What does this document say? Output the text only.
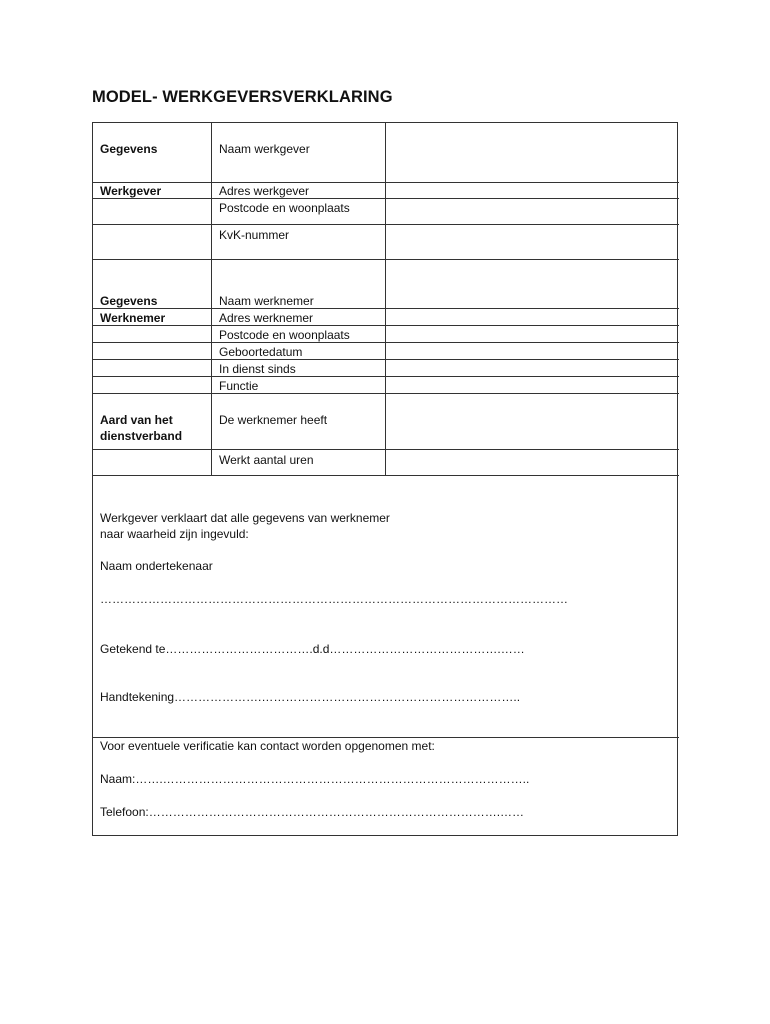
MODEL- WERKGEVERSVERKLARING
Gegevens
Werkgever
Naam werkgever
Adres werkgever
Postcode en woonplaats
KvK-nummer
Gegevens
Werknemer
Naam werknemer
Adres werknemer
Postcode en woonplaats
Geboortedatum
In dienst sinds
Functie
Aard van het
dienstverband
De werknemer heeft
Werkt aantal uren
Werkgever verklaart dat alle gegevens van werknemer
naar waarheid zijn ingevuld:
Naam ondertekenaar
………………………………………………………………………………………………………
Getekend te……………………………….d.d…………………………………….……
Handtekening………………….………………………………………………………..
Voor eventuele verificatie kan contact worden opgenomen met:
Naam:…….………………………………………………………………………………..
Telefoon:…………………………………………………………………………….……
